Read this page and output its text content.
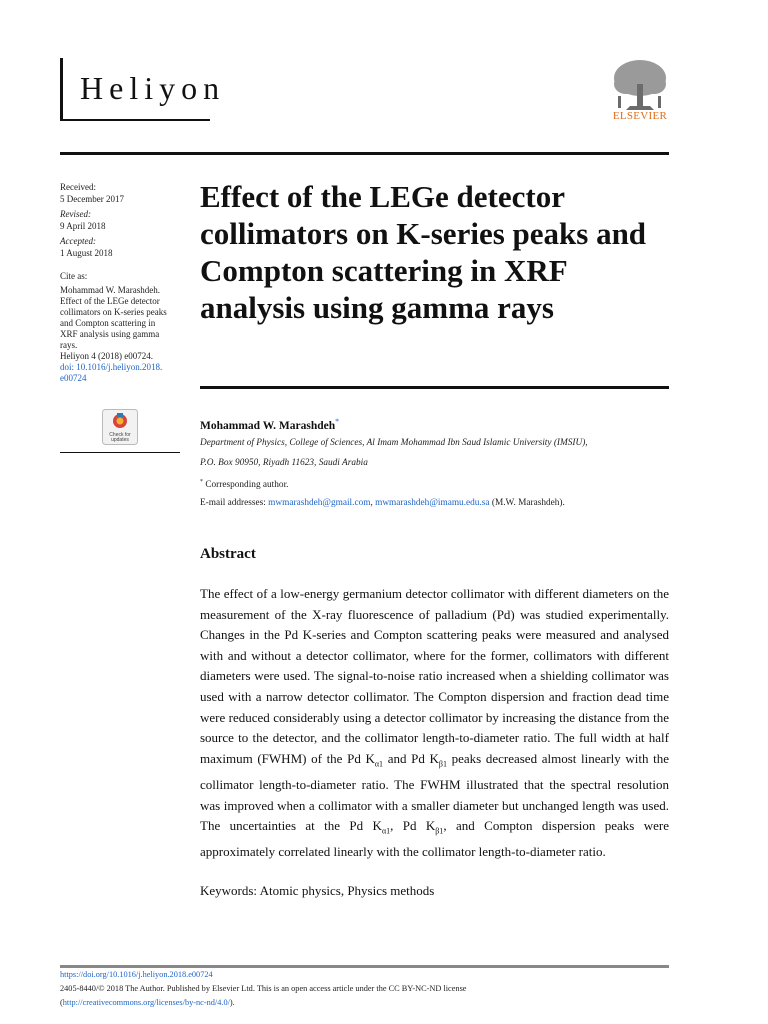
Heliyon
ELSEVIER
Received:
5 December 2017
Revised:
9 April 2018
Accepted:
1 August 2018
Cite as:
Mohammad W. Marashdeh.
Effect of the LEGe detector
collimators on K-series peaks
and Compton scattering in
XRF analysis using gamma
rays.
Heliyon 4 (2018) e00724.
doi: 10.1016/j.heliyon.2018.
e00724
Check for
updates
Effect of the LEGe detector collimators on K-series peaks and Compton scattering in XRF analysis using gamma rays
Mohammad W. Marashdeh*
Department of Physics, College of Sciences, Al Imam Mohammad Ibn Saud Islamic University (IMSIU),
P.O. Box 90950, Riyadh 11623, Saudi Arabia
* Corresponding author.
E-mail addresses: mwmarashdeh@gmail.com, mwmarashdeh@imamu.edu.sa (M.W. Marashdeh).
Abstract

The effect of a low-energy germanium detector collimator with different diameters on the measurement of the X-ray fluorescence of palladium (Pd) was studied experimentally. Changes in the Pd K-series and Compton scattering peaks were measured and analysed with and without a detector collimator, where for the former, collimators with different diameters were used. The signal-to-noise ratio increased when a shielding collimator was used with a narrow detector collimator. The Compton dispersion and fraction dead time were reduced considerably using a detector collimator by increasing the distance from the source to the detector, and the collimator length-to-diameter ratio. The full width at half maximum (FWHM) of the Pd $K_{\alpha 1}$ and Pd $K_{\beta 1}$ peaks decreased almost linearly with the collimator length-to-diameter ratio. The FWHM illustrated that the spectral resolution was improved when a collimator with a smaller diameter but unchanged length was used. The uncertainties at the Pd $K_{\alpha 1}$, Pd $K_{\beta 1}$, and Compton dispersion peaks were approximately correlated linearly with the collimator length-to-diameter ratio.

Keywords: Atomic physics, Physics methods
https://doi.org/10.1016/j.heliyon.2018.e00724
2405-8440/© 2018 The Author. Published by Elsevier Ltd. This is an open access article under the CC BY-NC-ND license
(http://creativecommons.org/licenses/by-nc-nd/4.0/).
